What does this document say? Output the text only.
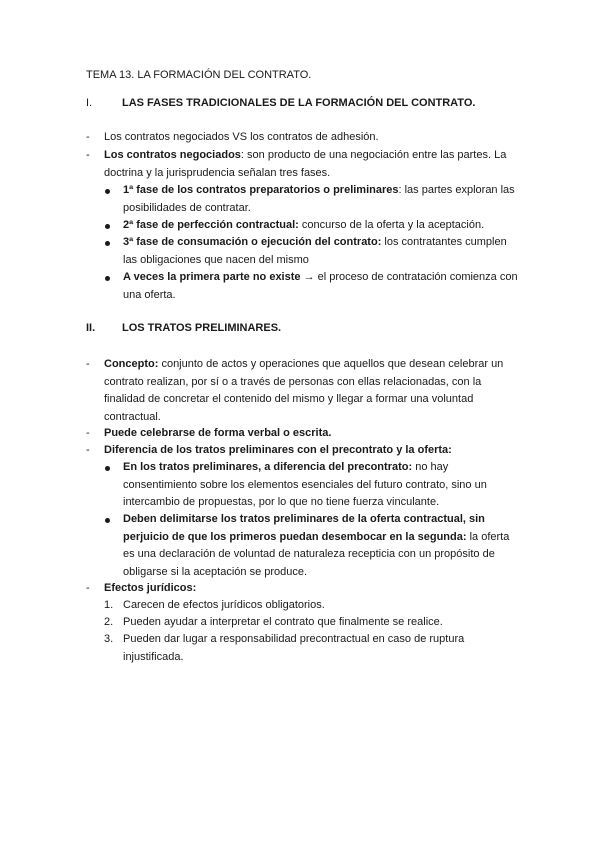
TEMA 13. LA FORMACIÓN DEL CONTRATO.
I.	LAS FASES TRADICIONALES DE LA FORMACIÓN DEL CONTRATO.
- Los contratos negociados VS los contratos de adhesión.
- Los contratos negociados: son producto de una negociación entre las partes. La doctrina y la jurisprudencia señalan tres fases.
1ª fase de los contratos preparatorios o preliminares: las partes exploran las posibilidades de contratar.
2ª fase de perfección contractual: concurso de la oferta y la aceptación.
3ª fase de consumación o ejecución del contrato: los contratantes cumplen las obligaciones que nacen del mismo
A veces la primera parte no existe → el proceso de contratación comienza con una oferta.
II. LOS TRATOS PRELIMINARES.
- Concepto: conjunto de actos y operaciones que aquellos que desean celebrar un contrato realizan, por sí o a través de personas con ellas relacionadas, con la finalidad de concretar el contenido del mismo y llegar a formar una voluntad contractual.
- Puede celebrarse de forma verbal o escrita.
- Diferencia de los tratos preliminares con el precontrato y la oferta:
En los tratos preliminares, a diferencia del precontrato: no hay consentimiento sobre los elementos esenciales del futuro contrato, sino un intercambio de propuestas, por lo que no tiene fuerza vinculante.
Deben delimitarse los tratos preliminares de la oferta contractual, sin perjuicio de que los primeros puedan desembocar en la segunda: la oferta es una declaración de voluntad de naturaleza recepticia con un propósito de obligarse si la aceptación se produce.
- Efectos jurídicos:
1. Carecen de efectos jurídicos obligatorios.
2. Pueden ayudar a interpretar el contrato que finalmente se realice.
3. Pueden dar lugar a responsabilidad precontractual en caso de ruptura injustificada.
